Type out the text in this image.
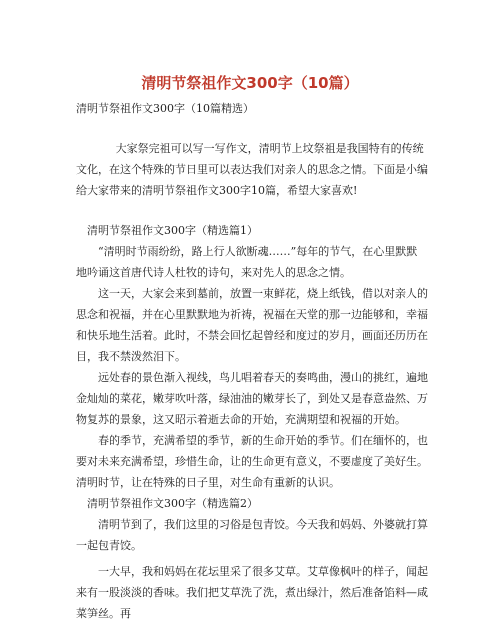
清明节祭祖作文300字（10篇）
清明节祭祖作文300字（10篇精选）

大家祭完祖可以写一写作文，清明节上坟祭祖是我国特有的传统文化，在这个特殊的节日里可以表达我们对亲人的思念之情。下面是小编给大家带来的清明节祭祖作文300字10篇，希望大家喜欢!

清明节祭祖作文300字（精选篇1）

“清明时节雨纷纷，路上行人欲断魂……”每年的节气，在心里默默地吟诵这首唐代诗人杜牧的诗句，来对先人的思念之情。

这一天，大家会来到墓前，放置一束鲜花，烧上纸钱，借以对亲人的思念和祝福，并在心里默默地为祈祷，祝福在天堂的那一边能够和，幸福和快乐地生活着。此时，不禁会回忆起曾经和度过的岁月，画面还历历在目，我不禁泼然泪下。

远处春的景色渐入视线，鸟儿唱着春天的奏鸣曲，漫山的挑红，遍地金灿灿的菜花，嫩芽吹叶落，绿油油的嫩芽长了，到处又是春意盎然、万物复苏的景象，这又昭示着逝去命的开始，充满期望和祝福的开始。

春的季节，充满希望的季节，新的生命开始的季节。们在缅怀的，也要对未来充满希望，珍惜生命，让的生命更有意义，不要虚度了美好生。清明时节，让在特殊的日子里，对生命有重新的认识。

清明节祭祖作文300字（精选篇2）

清明节到了，我们这里的习俗是包青饺。今天我和妈妈、外婆就打算一起包青饺。

一大早，我和妈妈在花坛里采了很多艾草。艾草像枫叶的样子，闻起来有一股淡淡的香味。我们把艾草洗了洗，煮出绿汁，然后准备馅料—咸菜笋丝。再
